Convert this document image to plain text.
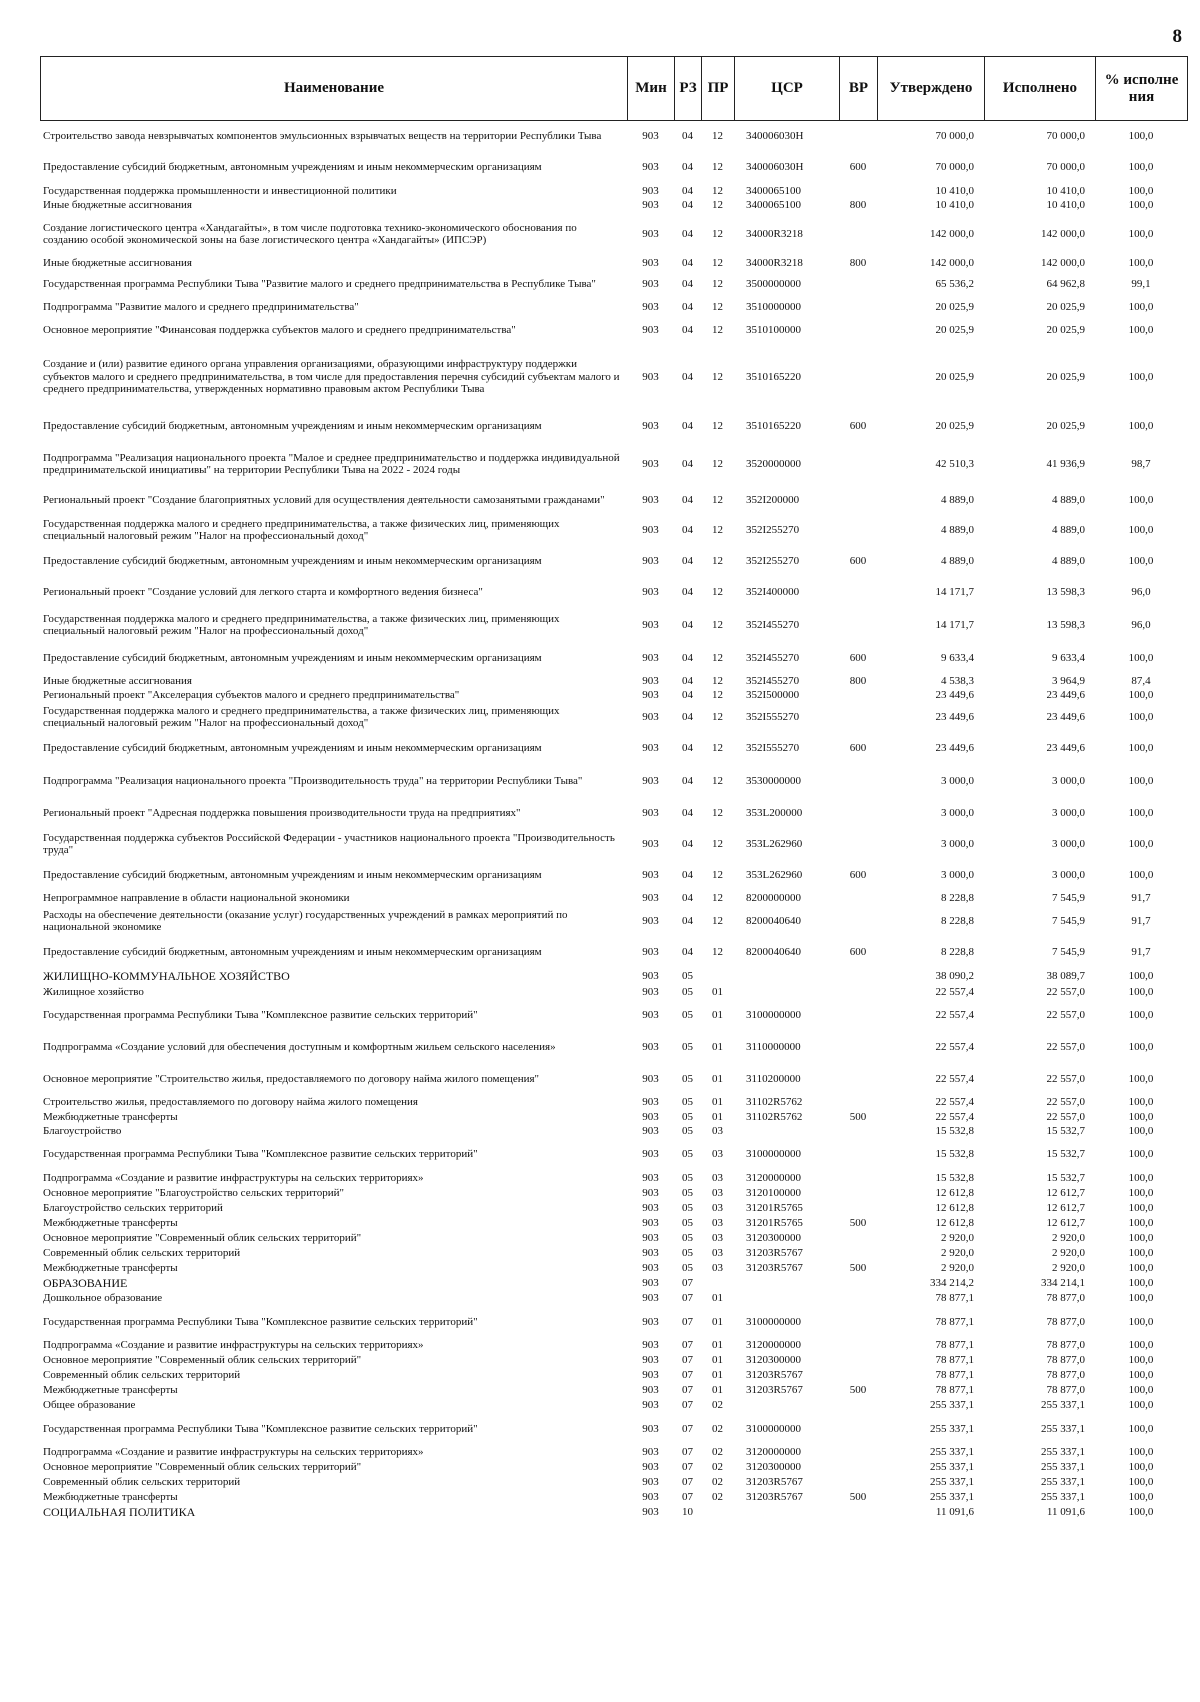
8
Наименование	Мин	РЗ	ПР	ЦСР	ВР	Утверждено	Исполнено	% исполне ния
Строительство завода невзрывчатых компонентов эмульсионных взрывчатых веществ на территории Республики Тыва	903	04	12	340006030Н		70 000,0	70 000,0	100,0
Предоставление субсидий бюджетным, автономным учреждениям и иным некоммерческим организациям	903	04	12	340006030Н	600	70 000,0	70 000,0	100,0
Государственная поддержка промышленности и инвестиционной политики	903	04	12	3400065100		10 410,0	10 410,0	100,0
Иные бюджетные ассигнования	903	04	12	3400065100	800	10 410,0	10 410,0	100,0
Создание логистического центра «Хандагайты», в том числе подготовка технико-экономического обоснования по созданию особой экономической зоны на базе логистического центра «Хандагайты» (ИПСЭР)	903	04	12	34000R3218		142 000,0	142 000,0	100,0
Иные бюджетные ассигнования	903	04	12	34000R3218	800	142 000,0	142 000,0	100,0
Государственная программа Республики Тыва "Развитие малого и среднего предпринимательства в Республике Тыва"	903	04	12	3500000000		65 536,2	64 962,8	99,1
Подпрограмма "Развитие малого и среднего предпринимательства"	903	04	12	3510000000		20 025,9	20 025,9	100,0
Основное мероприятие "Финансовая поддержка субъектов малого и среднего предпринимательства"	903	04	12	3510100000		20 025,9	20 025,9	100,0
Создание и (или) развитие единого органа управления организациями, образующими инфраструктуру поддержки субъектов малого и среднего предпринимательства, в том числе для предоставления перечня субсидий субъектам малого и среднего предпринимательства, утвержденных нормативно правовым актом Республики Тыва	903	04	12	3510165220		20 025,9	20 025,9	100,0
Предоставление субсидий бюджетным, автономным учреждениям и иным некоммерческим организациям	903	04	12	3510165220	600	20 025,9	20 025,9	100,0
Подпрограмма "Реализация национального проекта "Малое и среднее предпринимательство и поддержка индивидуальной предпринимательской инициативы" на территории Республики Тыва на 2022 - 2024 годы	903	04	12	3520000000		42 510,3	41 936,9	98,7
Региональный проект "Создание благоприятных условий для осуществления деятельности самозанятыми гражданами"	903	04	12	352I200000		4 889,0	4 889,0	100,0
Государственная поддержка малого и среднего предпринимательства, а также физических лиц, применяющих специальный налоговый режим "Налог на профессиональный доход"	903	04	12	352I255270		4 889,0	4 889,0	100,0
Предоставление субсидий бюджетным, автономным учреждениям и иным некоммерческим организациям	903	04	12	352I255270	600	4 889,0	4 889,0	100,0
Региональный проект "Создание условий для легкого старта и комфортного ведения бизнеса"	903	04	12	352I400000		14 171,7	13 598,3	96,0
Государственная поддержка малого и среднего предпринимательства, а также физических лиц, применяющих специальный налоговый режим "Налог на профессиональный доход"	903	04	12	352I455270		14 171,7	13 598,3	96,0
Предоставление субсидий бюджетным, автономным учреждениям и иным некоммерческим организациям	903	04	12	352I455270	600	9 633,4	9 633,4	100,0
Иные бюджетные ассигнования	903	04	12	352I455270	800	4 538,3	3 964,9	87,4
Региональный проект "Акселерация субъектов малого и среднего предпринимательства"	903	04	12	352I500000		23 449,6	23 449,6	100,0
Государственная поддержка малого и среднего предпринимательства, а также физических лиц, применяющих специальный налоговый режим "Налог на профессиональный доход"	903	04	12	352I555270		23 449,6	23 449,6	100,0
Предоставление субсидий бюджетным, автономным учреждениям и иным некоммерческим организациям	903	04	12	352I555270	600	23 449,6	23 449,6	100,0
Подпрограмма "Реализация национального проекта "Производительность труда" на территории Республики Тыва"	903	04	12	3530000000		3 000,0	3 000,0	100,0
Региональный проект "Адресная поддержка повышения производительности труда на предприятиях"	903	04	12	353L200000		3 000,0	3 000,0	100,0
Государственная поддержка субъектов Российской Федерации - участников национального проекта "Производительность труда"	903	04	12	353L262960		3 000,0	3 000,0	100,0
Предоставление субсидий бюджетным, автономным учреждениям и иным некоммерческим организациям	903	04	12	353L262960	600	3 000,0	3 000,0	100,0
Непрограммное направление в области национальной экономики	903	04	12	8200000000		8 228,8	7 545,9	91,7
Расходы на обеспечение деятельности (оказание услуг) государственных учреждений в рамках мероприятий по национальной экономике	903	04	12	8200040640		8 228,8	7 545,9	91,7
Предоставление субсидий бюджетным, автономным учреждениям и иным некоммерческим организациям	903	04	12	8200040640	600	8 228,8	7 545,9	91,7
ЖИЛИЩНО-КОММУНАЛЬНОЕ ХОЗЯЙСТВО	903	05				38 090,2	38 089,7	100,0
Жилищное хозяйство	903	05	01			22 557,4	22 557,0	100,0
Государственная программа Республики Тыва "Комплексное развитие сельских территорий"	903	05	01	3100000000		22 557,4	22 557,0	100,0
Подпрограмма «Создание условий для обеспечения доступным и комфортным жильем сельского населения»	903	05	01	3110000000		22 557,4	22 557,0	100,0
Основное мероприятие "Строительство жилья, предоставляемого по договору найма жилого помещения"	903	05	01	3110200000		22 557,4	22 557,0	100,0
Строительство жилья, предоставляемого по договору найма жилого помещения	903	05	01	31102R5762		22 557,4	22 557,0	100,0
Межбюджетные трансферты	903	05	01	31102R5762	500	22 557,4	22 557,0	100,0
Благоустройство	903	05	03			15 532,8	15 532,7	100,0
Государственная программа Республики Тыва "Комплексное развитие сельских территорий"	903	05	03	3100000000		15 532,8	15 532,7	100,0
Подпрограмма «Создание и развитие инфраструктуры на сельских территориях»	903	05	03	3120000000		15 532,8	15 532,7	100,0
Основное мероприятие "Благоустройство сельских территорий"	903	05	03	3120100000		12 612,8	12 612,7	100,0
Благоустройство сельских территорий	903	05	03	31201R5765		12 612,8	12 612,7	100,0
Межбюджетные трансферты	903	05	03	31201R5765	500	12 612,8	12 612,7	100,0
Основное мероприятие "Современный облик сельских территорий"	903	05	03	3120300000		2 920,0	2 920,0	100,0
Современный облик сельских территорий	903	05	03	31203R5767		2 920,0	2 920,0	100,0
Межбюджетные трансферты	903	05	03	31203R5767	500	2 920,0	2 920,0	100,0
ОБРАЗОВАНИЕ	903	07				334 214,2	334 214,1	100,0
Дошкольное образование	903	07	01			78 877,1	78 877,0	100,0
Государственная программа Республики Тыва "Комплексное развитие сельских территорий"	903	07	01	3100000000		78 877,1	78 877,0	100,0
Подпрограмма «Создание и развитие инфраструктуры на сельских территориях»	903	07	01	3120000000		78 877,1	78 877,0	100,0
Основное мероприятие "Современный облик сельских территорий"	903	07	01	3120300000		78 877,1	78 877,0	100,0
Современный облик сельских территорий	903	07	01	31203R5767		78 877,1	78 877,0	100,0
Межбюджетные трансферты	903	07	01	31203R5767	500	78 877,1	78 877,0	100,0
Общее образование	903	07	02			255 337,1	255 337,1	100,0
Государственная программа Республики Тыва "Комплексное развитие сельских территорий"	903	07	02	3100000000		255 337,1	255 337,1	100,0
Подпрограмма «Создание и развитие инфраструктуры на сельских территориях»	903	07	02	3120000000		255 337,1	255 337,1	100,0
Основное мероприятие "Современный облик сельских территорий"	903	07	02	3120300000		255 337,1	255 337,1	100,0
Современный облик сельских территорий	903	07	02	31203R5767		255 337,1	255 337,1	100,0
Межбюджетные трансферты	903	07	02	31203R5767	500	255 337,1	255 337,1	100,0
СОЦИАЛЬНАЯ ПОЛИТИКА	903	10				11 091,6	11 091,6	100,0
